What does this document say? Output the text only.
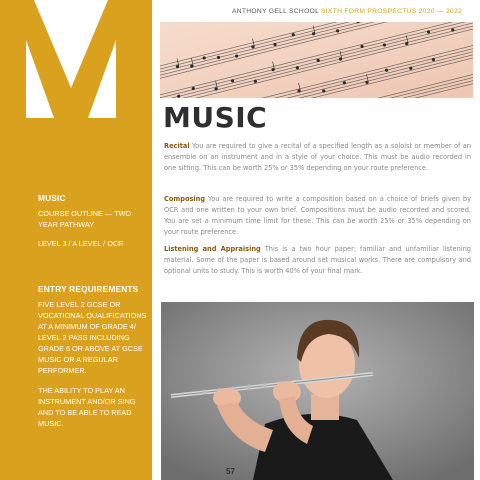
MUSIC
COURSE OUTLINE — TWO YEAR PATHWAY
LEVEL 3 / A LEVEL / OCR
ENTRY REQUIREMENTS
FIVE LEVEL 2 GCSE OR VOCATIONAL QUALIFICATIONS AT A MINIMUM OF GRADE 4/ LEVEL 2 PASS INCLUDING GRADE 6 OR ABOVE AT GCSE MUSIC OR A REGULAR PERFORMER.
THE ABILITY TO PLAY AN INSTRUMENT AND/OR SING AND TO BE ABLE TO READ MUSIC.
ANTHONY GELL SCHOOL SIXTH FORM PROSPECTUS 2020 — 2022
MUSIC
Recital You are required to give a recital of a specified length as a soloist or member of an ensemble on an instrument and in a style of your choice. This must be audio recorded in one sitting. This can be worth 25% or 35% depending on your route preference.
Composing You are required to write a composition based on a choice of briefs given by OCR and one written to your own brief. Compositions must be audio recorded and scored. You are set a minimum time limit for these. This can be worth 25% or 35% depending on your route preference.
Listening and Appraising This is a two hour paper; familiar and unfamiliar listening material. Some of the paper is based around set musical works. There are compulsory and optional units to study. This is worth 40% of your final mark.
57
